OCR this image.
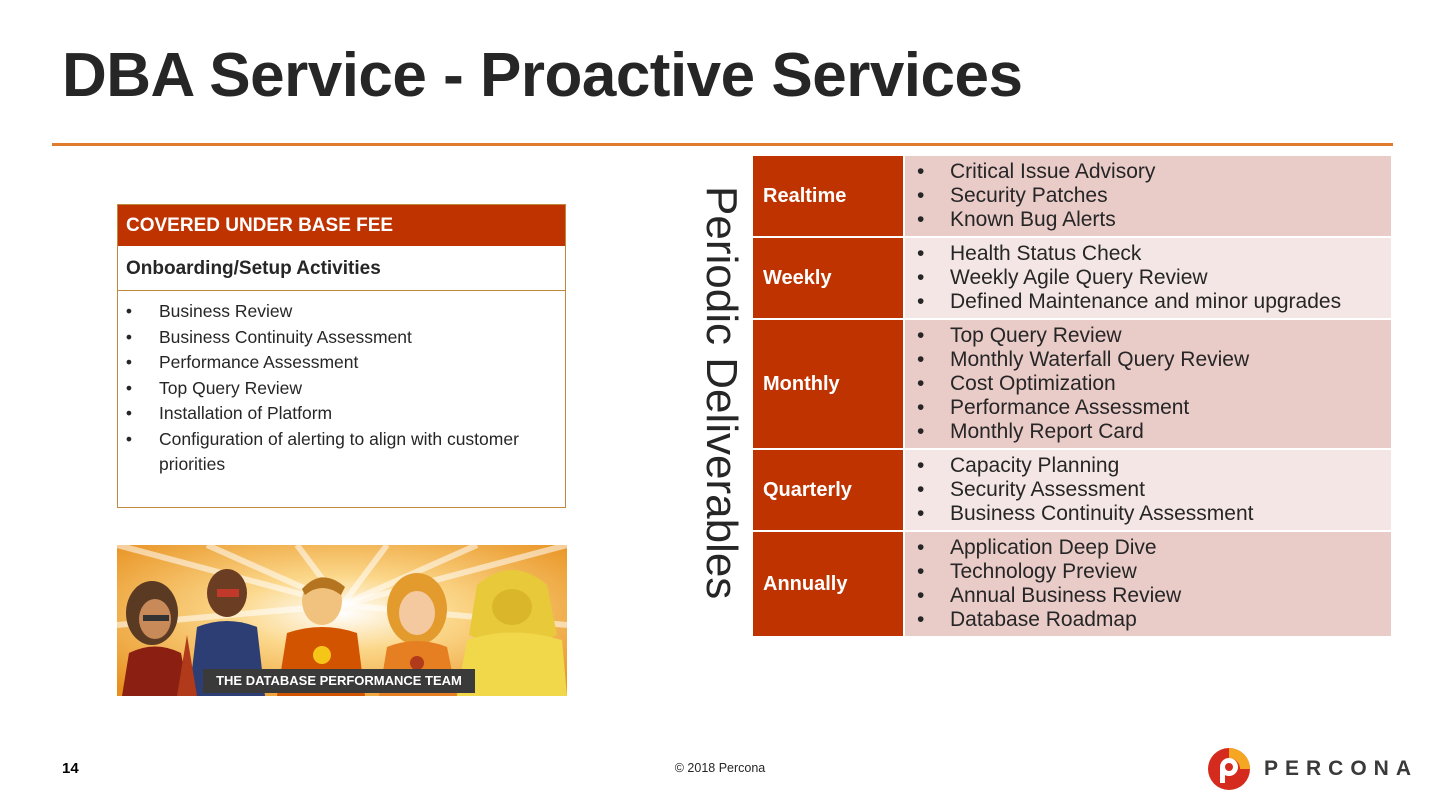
DBA Service - Proactive Services
COVERED UNDER BASE FEE
Onboarding/Setup Activities
• Business Review
• Business Continuity Assessment
• Performance Assessment
• Top Query Review
• Installation of Platform
• Configuration of alerting to align with customer priorities
THE DATABASE PERFORMANCE TEAM
Periodic Deliverables Realtime
• Critical Issue Advisory
• Security Patches
• Known Bug Alerts
Weekly
• Health Status Check
• Weekly Agile Query Review
• Defined Maintenance and minor upgrades
Monthly
• Top Query Review
• Monthly Waterfall Query Review
• Cost Optimization
• Performance Assessment
• Monthly Report Card
Quarterly
• Capacity Planning
• Security Assessment
• Business Continuity Assessment
Annually
• Application Deep Dive
• Technology Preview
• Annual Business Review
• Database Roadmap
14	© 2018 Percona	PERCONA
